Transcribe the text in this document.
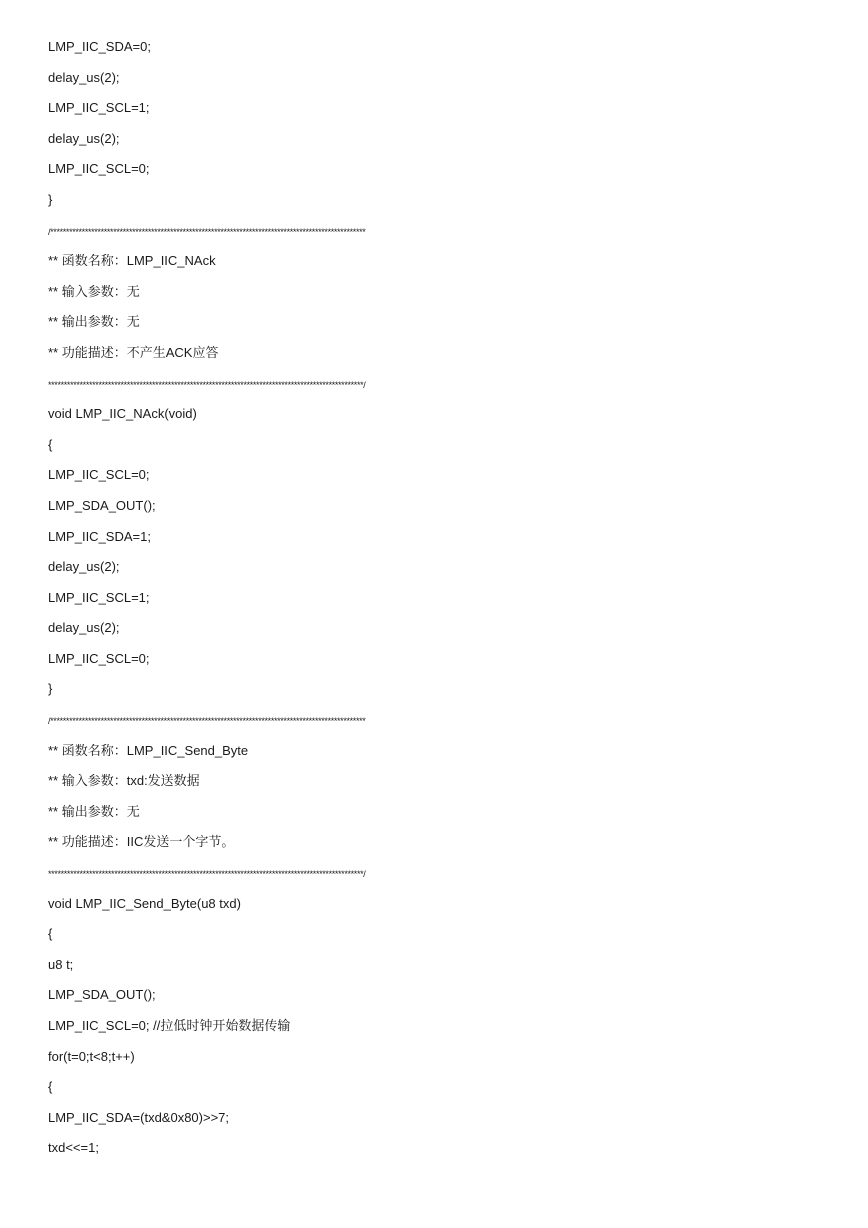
LMP_IIC_SDA=0;
delay_us(2);
LMP_IIC_SCL=1;
delay_us(2);
LMP_IIC_SCL=0;
}
/****************************************************************************************************
** 函数名称：LMP_IIC_NAck
** 输入参数：无
** 输出参数：无
** 功能描述：不产生ACK应答
****************************************************************************************************/
void LMP_IIC_NAck(void)
{
LMP_IIC_SCL=0;
LMP_SDA_OUT();
LMP_IIC_SDA=1;
delay_us(2);
LMP_IIC_SCL=1;
delay_us(2);
LMP_IIC_SCL=0;
}
/****************************************************************************************************
** 函数名称：LMP_IIC_Send_Byte
** 输入参数：txd:发送数据
** 输出参数：无
** 功能描述：IIC发送一个字节。
****************************************************************************************************/
void LMP_IIC_Send_Byte(u8 txd)
{
u8 t;
LMP_SDA_OUT();
LMP_IIC_SCL=0; //拉低时钟开始数据传输
for(t=0;t<8;t++)
{
LMP_IIC_SDA=(txd&0x80)>>7;
txd<<=1;
